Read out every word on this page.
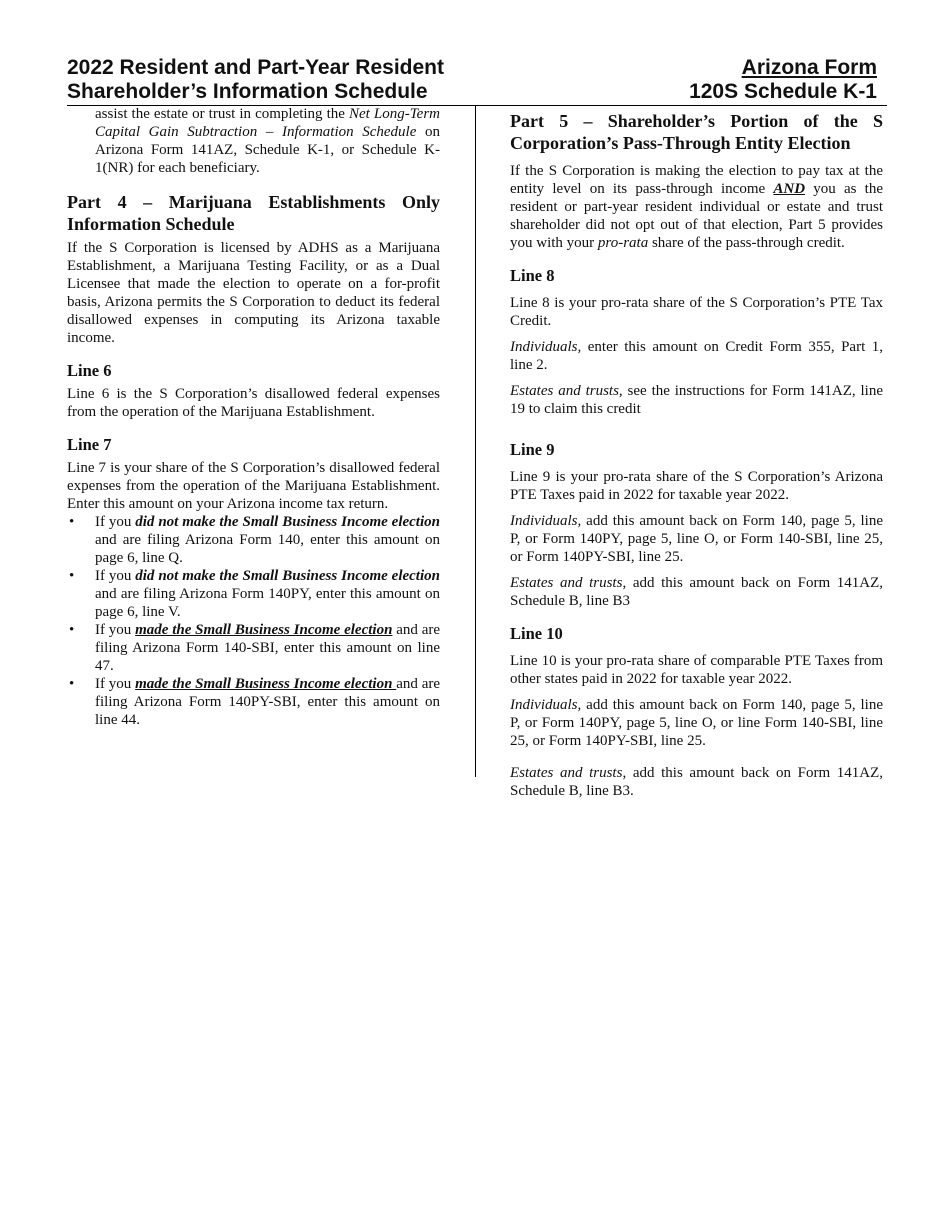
2022 Resident and Part-Year Resident
Shareholder’s Information Schedule
Arizona Form
120S Schedule K-1

assist the estate or trust in completing the Net Long-Term Capital Gain Subtraction – Information Schedule on Arizona Form 141AZ, Schedule K-1, or Schedule K-1(NR) for each beneficiary.

Part 4 – Marijuana Establishments Only Information Schedule

If the S Corporation is licensed by ADHS as a Marijuana Establishment, a Marijuana Testing Facility, or as a Dual Licensee that made the election to operate on a for-profit basis, Arizona permits the S Corporation to deduct its federal disallowed expenses in computing its Arizona taxable income.

Line 6

Line 6 is the S Corporation’s disallowed federal expenses from the operation of the Marijuana Establishment.

Line 7

Line 7 is your share of the S Corporation’s disallowed federal expenses from the operation of the Marijuana Establishment. Enter this amount on your Arizona income tax return.

• If you did not make the Small Business Income election and are filing Arizona Form 140, enter this amount on page 6, line Q.
• If you did not make the Small Business Income election and are filing Arizona Form 140PY, enter this amount on page 6, line V.
• If you made the Small Business Income election and are filing Arizona Form 140-SBI, enter this amount on line 47.
• If you made the Small Business Income election and are filing Arizona Form 140PY-SBI, enter this amount on line 44.
Part 5 – Shareholder’s Portion of the S Corporation’s Pass-Through Entity Election

If the S Corporation is making the election to pay tax at the entity level on its pass-through income AND you as the resident or part-year resident individual or estate and trust shareholder did not opt out of that election, Part 5 provides you with your pro-rata share of the pass-through credit.

Line 8

Line 8 is your pro-rata share of the S Corporation’s PTE Tax Credit.

Individuals, enter this amount on Credit Form 355, Part 1, line 2.

Estates and trusts, see the instructions for Form 141AZ, line 19 to claim this credit

Line 9

Line 9 is your pro-rata share of the S Corporation’s Arizona PTE Taxes paid in 2022 for taxable year 2022.

Individuals, add this amount back on Form 140, page 5, line P, or Form 140PY, page 5, line O, or Form 140-SBI, line 25, or Form 140PY-SBI, line 25.

Estates and trusts, add this amount back on Form 141AZ, Schedule B, line B3

Line 10

Line 10 is your pro-rata share of comparable PTE Taxes from other states paid in 2022 for taxable year 2022.

Individuals, add this amount back on Form 140, page 5, line P, or Form 140PY, page 5, line O, or line Form 140-SBI, line 25, or Form 140PY-SBI, line 25.

Estates and trusts, add this amount back on Form 141AZ, Schedule B, line B3.
